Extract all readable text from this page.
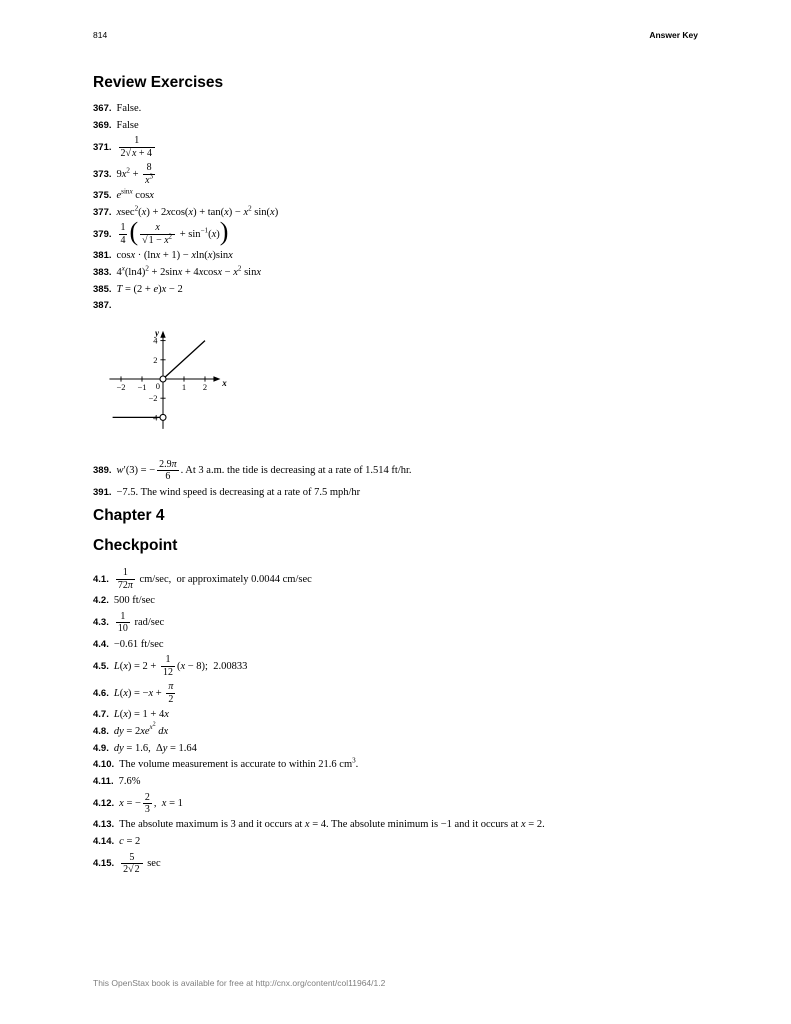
814	Answer Key
Review Exercises
367. False.
369. False
371. $\frac{1}{2√x + 4}$
373. $9x^2 + \frac{8}{x^3}$
375. $e^{sinx}$ cosx
377. $xsec^2(x) + 2xcos(x) + \tan(x) - x^2$ sin(x)
379. $\frac{1}{4}$ ( $\frac{x}{√1 - x^2} + \sin^{-1}(x)$)
381. cosx · (lnx + 1) − xln(x)sinx
383. $4^x(\ln 4)^2 + 2\sin x + 4xcosx - x^2$ sinx
385. T = (2 + e)x − 2
387.
−2 −1	1 2
4
2
−2
−4
0	x
y
389. w′(3) = − $\frac{2.9\pi}{6}$ . At 3 a.m. the tide is decreasing at a rate of 1.514 ft/hr.
391. −7.5. The wind speed is decreasing at a rate of 7.5 mph/hr
Chapter 4
Checkpoint
4.1. $\frac{1}{72\pi} cm/\sec$, or approximately 0.0044 cm/sec
4.2. 500 ft/sec
4.3. $\frac{1}{10} rad/\sec$
4.4. −0.61 ft/sec
4.5. $L(x) = 2 + \frac{1}{12} (x - 8)$; 2.00833
4.6. $L(x) = -x + \frac{\pi}{2}$
4.7. L(x) = 1 + 4x
4.8. dy = $2xe^{x^2}$ dx
4.9. dy = 1.6, Δy = 1.64
4.10. The volume measurement is accurate to within 21.6 $cm^3$.
4.11. 7.6%
4.12. x = − $\frac{2}{3}$ , x = 1
4.13. The absolute maximum is 3 and it occurs at x = 4. The absolute minimum is −1 and it occurs at x = 2.
4.14. c = 2
4.15. $\frac{5}{2√2}$ sec
This OpenStax book is available for free at http://cnx.org/content/col11964/1.2
